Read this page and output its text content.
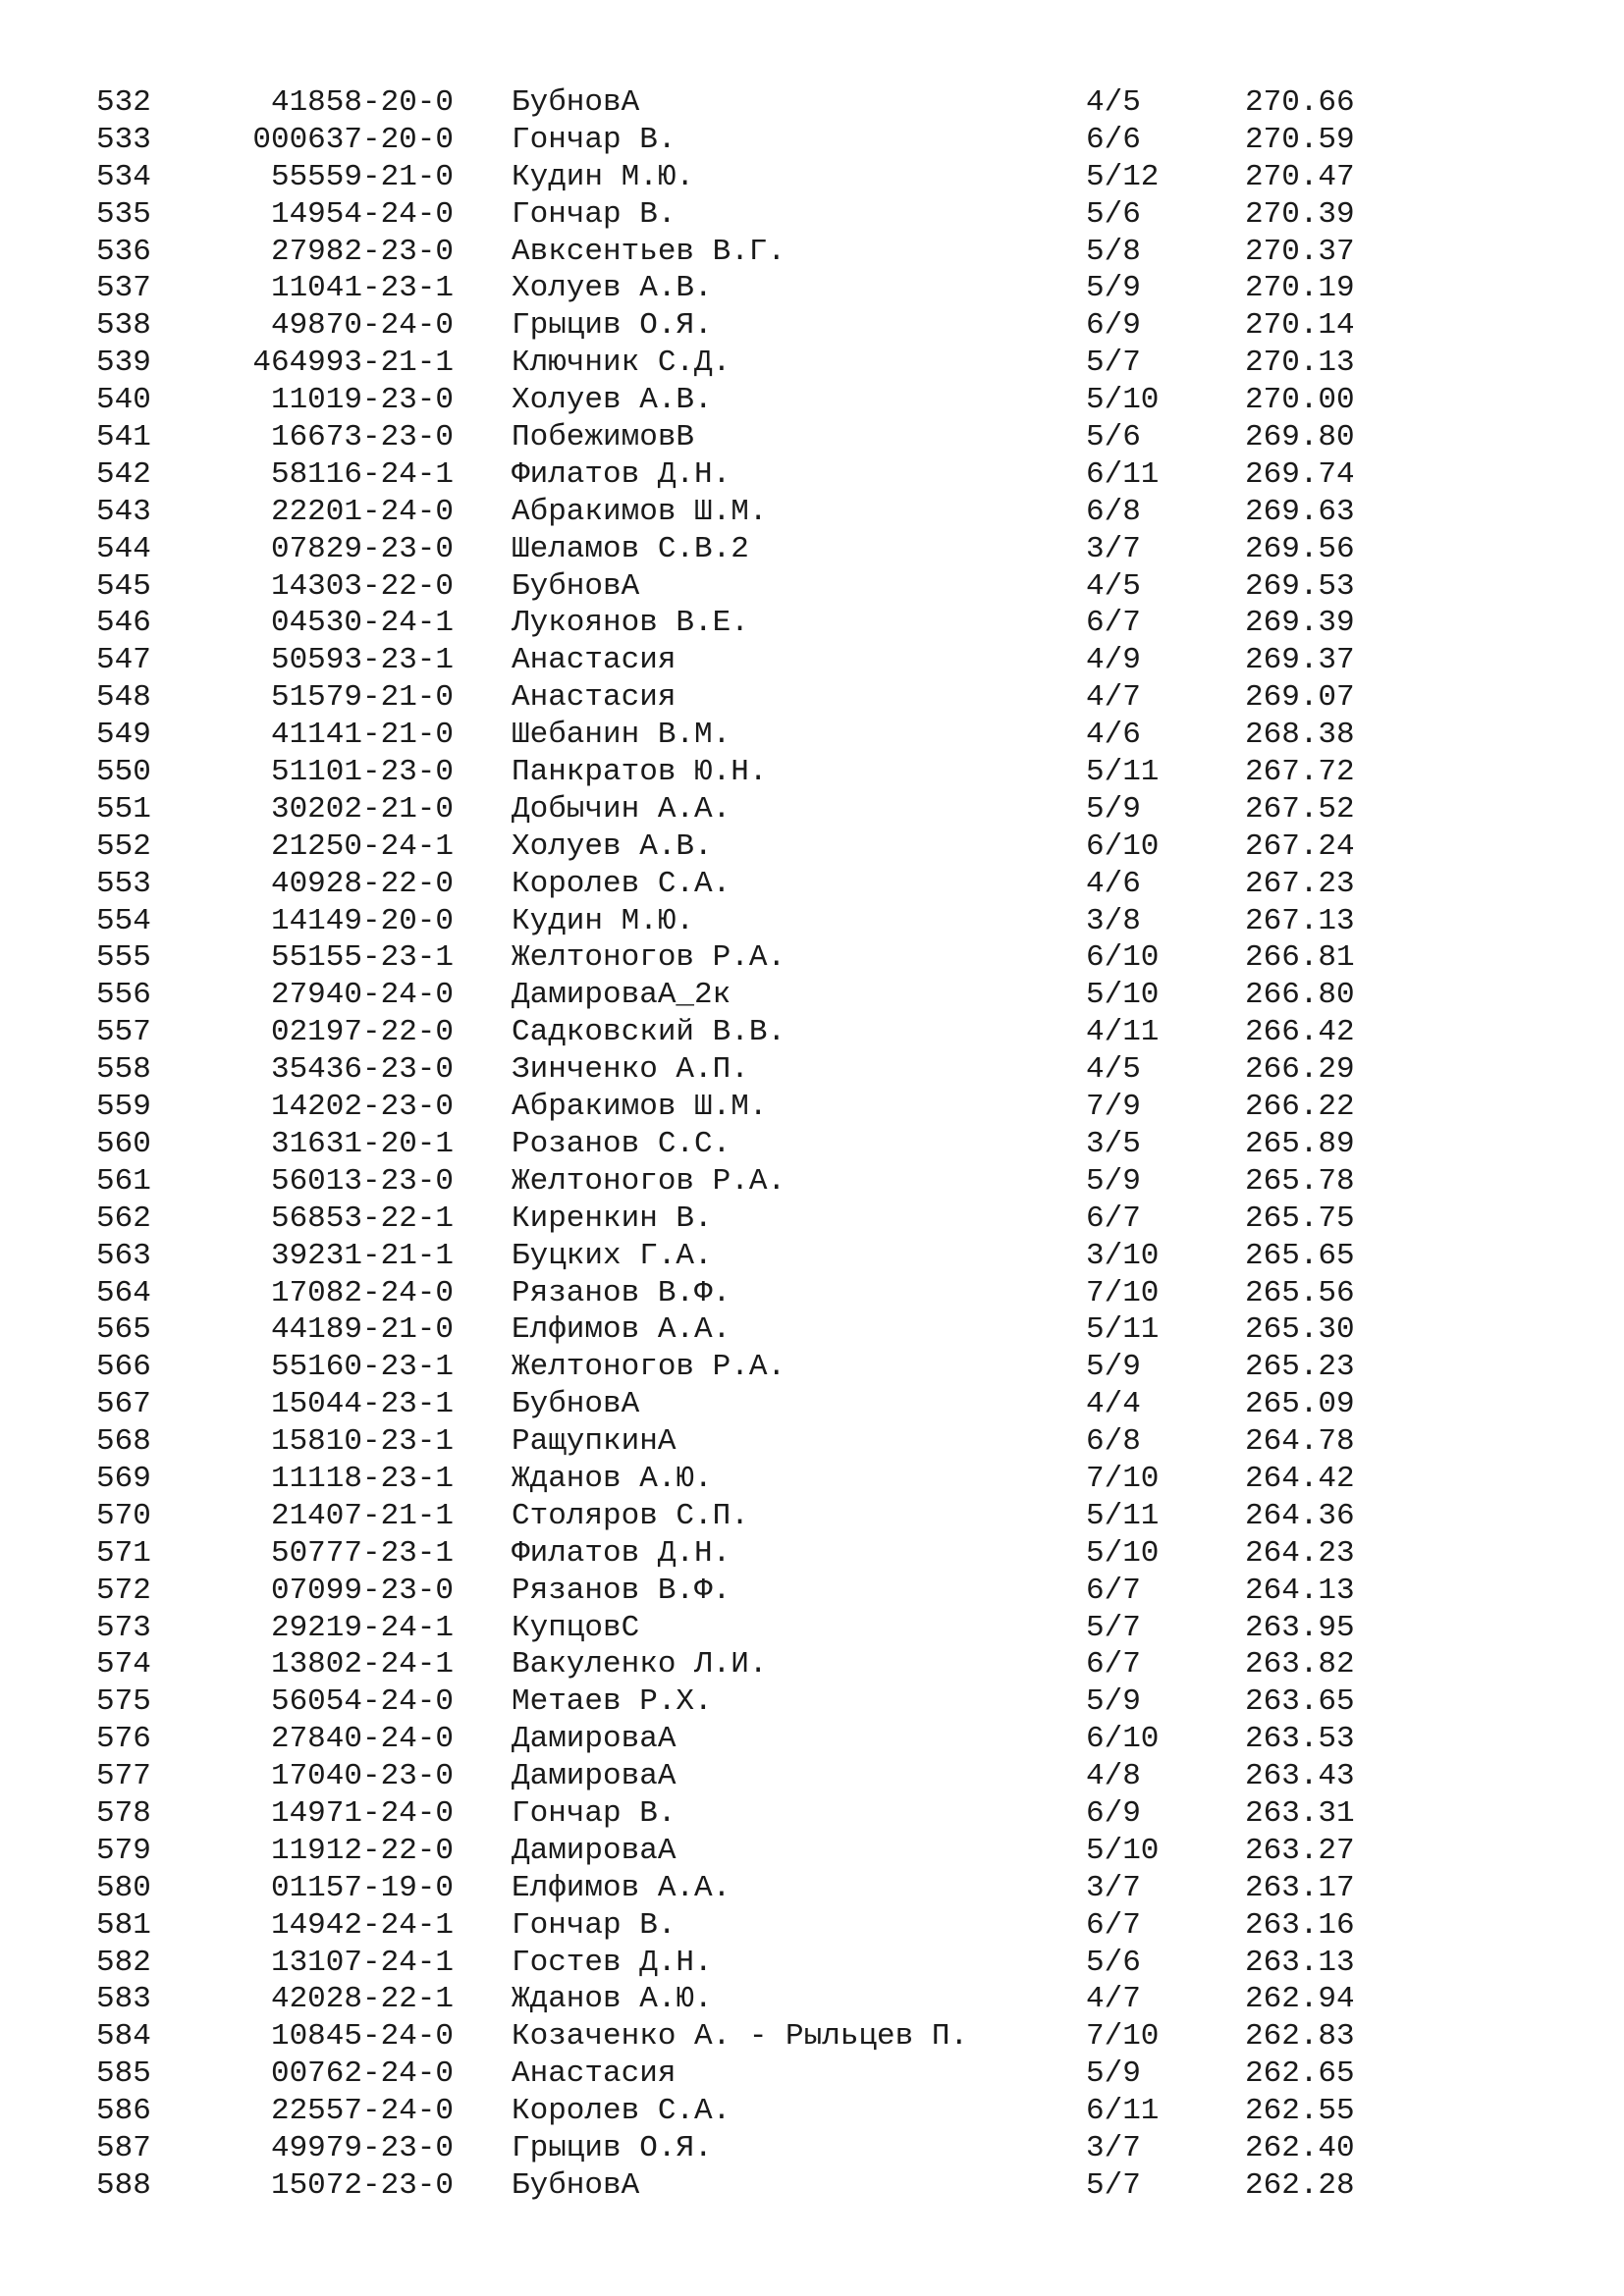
532	41858-20-0 БубновА	4/5	270.66
533	000637-20-0 Гончар В.	6/6	270.59
534	55559-21-0 Кудин М.Ю.	5/12	270.47
535	14954-24-0 Гончар В.	5/6	270.39
536	27982-23-0 Авксентьев В.Г.	5/8	270.37
537	11041-23-1 Холуев А.В.	5/9	270.19
538	49870-24-0 Грыцив О.Я.	6/9	270.14
539	464993-21-1 Ключник С.Д.	5/7	270.13
540	11019-23-0 Холуев А.В.	5/10	270.00
541	16673-23-0 ПобежимовВ	5/6	269.80
542	58116-24-1 Филатов Д.Н.	6/11	269.74
543	22201-24-0 Абракимов Ш.М.	6/8	269.63
544	07829-23-0 Шеламов С.В.2	3/7	269.56
545	14303-22-0 БубновА	4/5	269.53
546	04530-24-1 Лукоянов В.Е.	6/7	269.39
547	50593-23-1 Анастасия	4/9	269.37
548	51579-21-0 Анастасия	4/7	269.07
549	41141-21-0 Шебанин В.М.	4/6	268.38
550	51101-23-0 Панкратов Ю.Н.	5/11	267.72
551	30202-21-0 Добычин А.А.	5/9	267.52
552	21250-24-1 Холуев А.В.	6/10	267.24
553	40928-22-0 Королев С.А.	4/6	267.23
554	14149-20-0 Кудин М.Ю.	3/8	267.13
555	55155-23-1 Желтоногов Р.А.	6/10	266.81
556	27940-24-0 ДамироваА_2к	5/10	266.80
557	02197-22-0 Садковский В.В.	4/11	266.42
558	35436-23-0 Зинченко А.П.	4/5	266.29
559	14202-23-0 Абракимов Ш.М.	7/9	266.22
560	31631-20-1 Розанов С.С.	3/5	265.89
561	56013-23-0 Желтоногов Р.А.	5/9	265.78
562	56853-22-1 Киренкин В.	6/7	265.75
563	39231-21-1 Буцких Г.А.	3/10	265.65
564	17082-24-0 Рязанов В.Ф.	7/10	265.56
565	44189-21-0 Елфимов А.А.	5/11	265.30
566	55160-23-1 Желтоногов Р.А.	5/9	265.23
567	15044-23-1 БубновА	4/4	265.09
568	15810-23-1 РащупкинА	6/8	264.78
569	11118-23-1 Жданов А.Ю.	7/10	264.42
570	21407-21-1 Столяров С.П.	5/11	264.36
571	50777-23-1 Филатов Д.Н.	5/10	264.23
572	07099-23-0 Рязанов В.Ф.	6/7	264.13
573	29219-24-1 КупцовС	5/7	263.95
574	13802-24-1 Вакуленко Л.И.	6/7	263.82
575	56054-24-0 Метаев Р.Х.	5/9	263.65
576	27840-24-0 ДамироваА	6/10	263.53
577	17040-23-0 ДамироваА	4/8	263.43
578	14971-24-0 Гончар В.	6/9	263.31
579	11912-22-0 ДамироваА	5/10	263.27
580	01157-19-0 Елфимов А.А.	3/7	263.17
581	14942-24-1 Гончар В.	6/7	263.16
582	13107-24-1 Гостев Д.Н.	5/6	263.13
583	42028-22-1 Жданов А.Ю.	4/7	262.94
584	10845-24-0 Козаченко А. - Рыльцев П.	7/10	262.83
585	00762-24-0 Анастасия	5/9	262.65
586	22557-24-0 Королев С.А.	6/11	262.55
587	49979-23-0 Грыцив О.Я.	3/7	262.40
588	15072-23-0 БубновА	5/7	262.28
